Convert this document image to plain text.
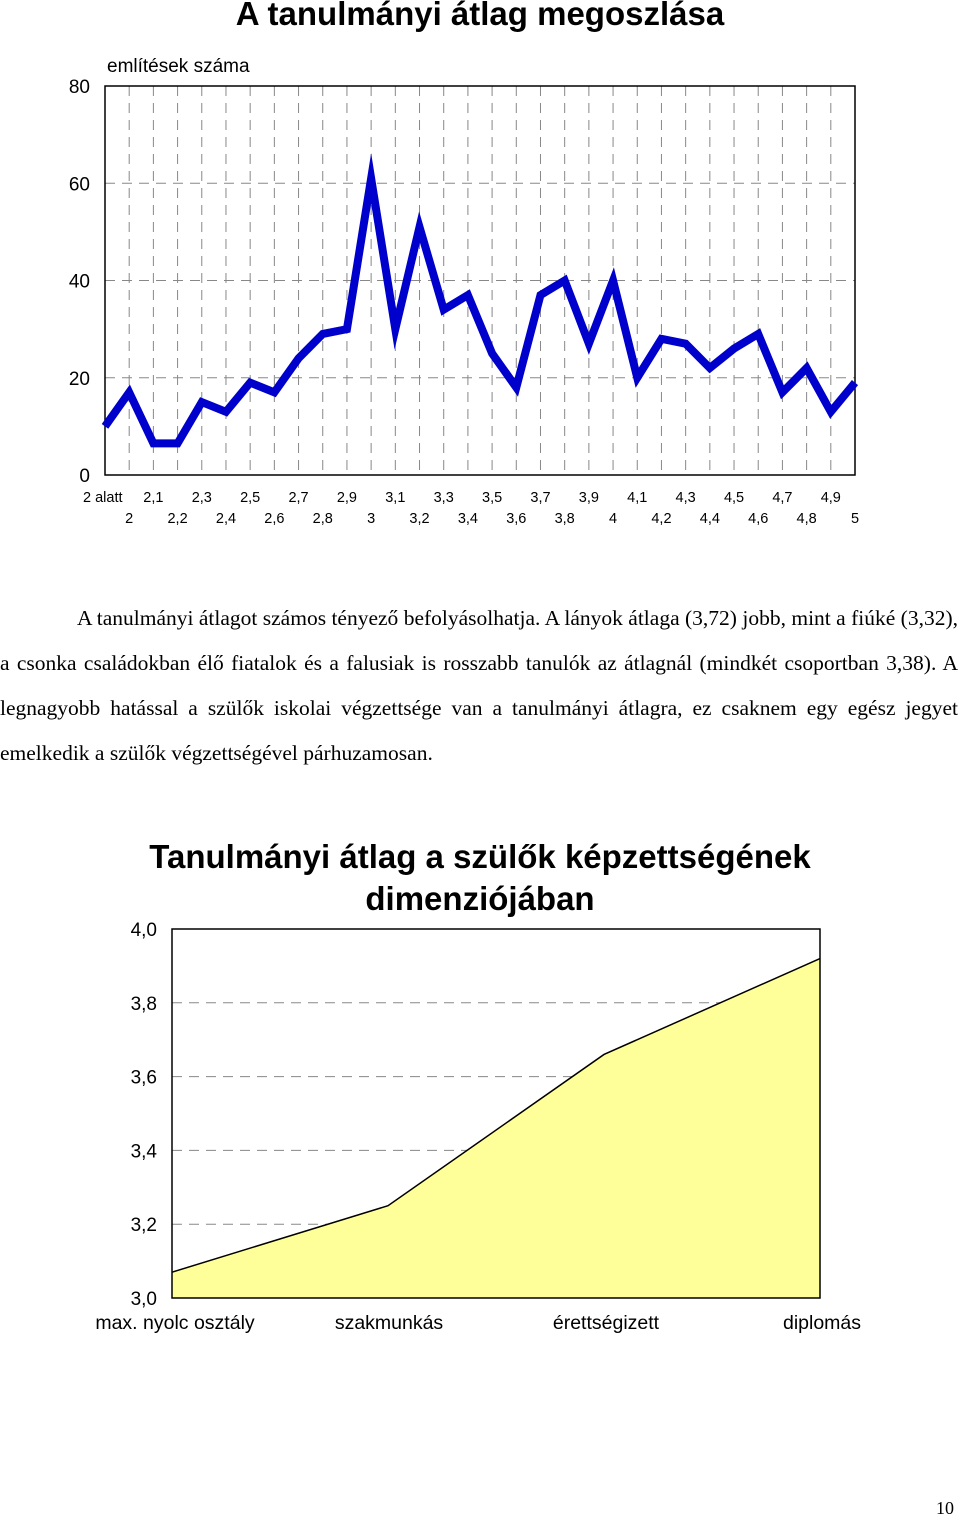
A tanulmányi átlag megoszlása
említések száma
0
20
40
60
80
2 alatt
2
2,1
2,2
2,3
2,4
2,5
2,6
2,7
2,8
2,9
3
3,1
3,2
3,3
3,4
3,5
3,6
3,7
3,8
3,9
4
4,1
4,2
4,3
4,4
4,5
4,6
4,7
4,8
4,9
5

A tanulmányi átlagot számos tényező befolyásolhatja. A lányok átlaga (3,72) jobb, mint a fiúké (3,32), a csonka családokban élő fiatalok és a falusiak is rosszabb tanulók az átlagnál (mindkét csoportban 3,38). A legnagyobb hatással a szülők iskolai végzettsége van a tanulmányi átlagra, ez csaknem egy egész jegyet emelkedik a szülők végzettségével párhuzamosan.

Tanulmányi átlag a szülők képzettségének dimenziójában
3,0
3,2
3,4
3,6
3,8
4,0
max. nyolc osztály	szakmunkás	érettségizett	diplomás
10
